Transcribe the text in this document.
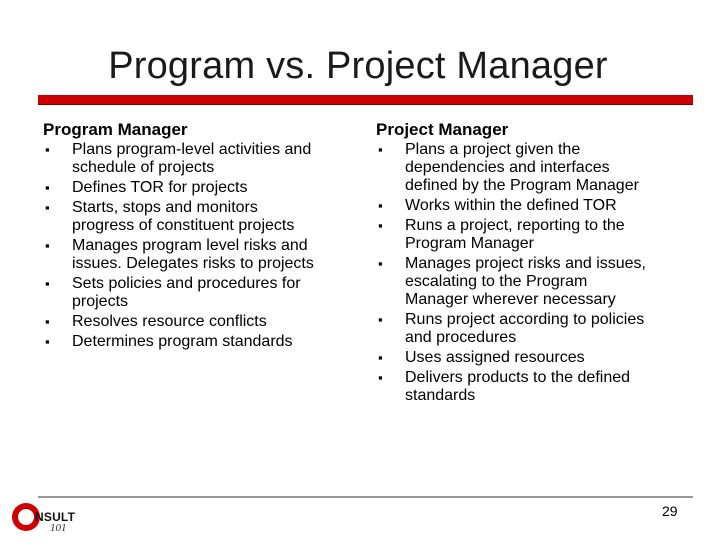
Program vs. Project Manager
Program Manager
▪ Plans program-level activities and
schedule of projects
▪ Defines TOR for projects
▪ Starts, stops and monitors
progress of constituent projects
▪ Manages program level risks and
issues. Delegates risks to projects
▪ Sets policies and procedures for
projects
▪ Resolves resource conflicts
▪ Determines program standards
Project Manager
▪ Plans a project given the
dependencies and interfaces
defined by the Program Manager
▪ Works within the defined TOR
▪ Runs a project, reporting to the
Program Manager
▪ Manages project risks and issues,
escalating to the Program
Manager wherever necessary
▪ Runs project according to policies
and procedures
▪ Uses assigned resources
▪ Delivers products to the defined
standards
29
NSULT
101
